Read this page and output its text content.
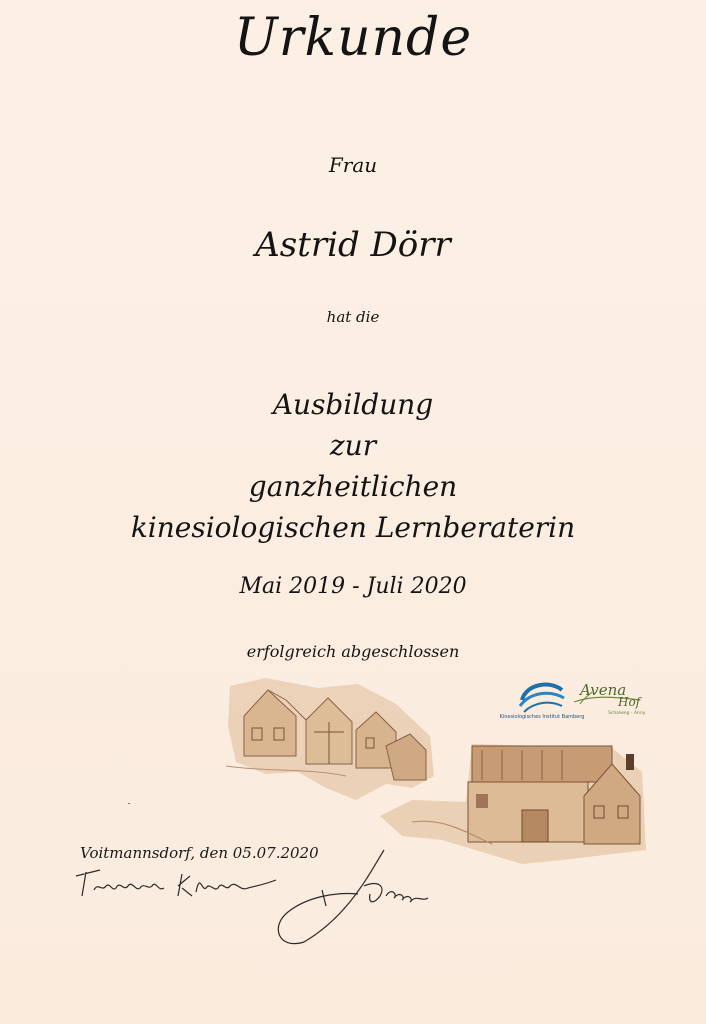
Urkunde
Frau
Astrid Dörr
hat die
Ausbildung
zur
ganzheitlichen
kinesiologischen Lernberaterin
Mai 2019 - Juli 2020
erfolgreich abgeschlossen
Kinesiologisches Institut Bamberg
Avena
Hof
Schalweg - Anny
Voitmannsdorf, den 05.07.2020
